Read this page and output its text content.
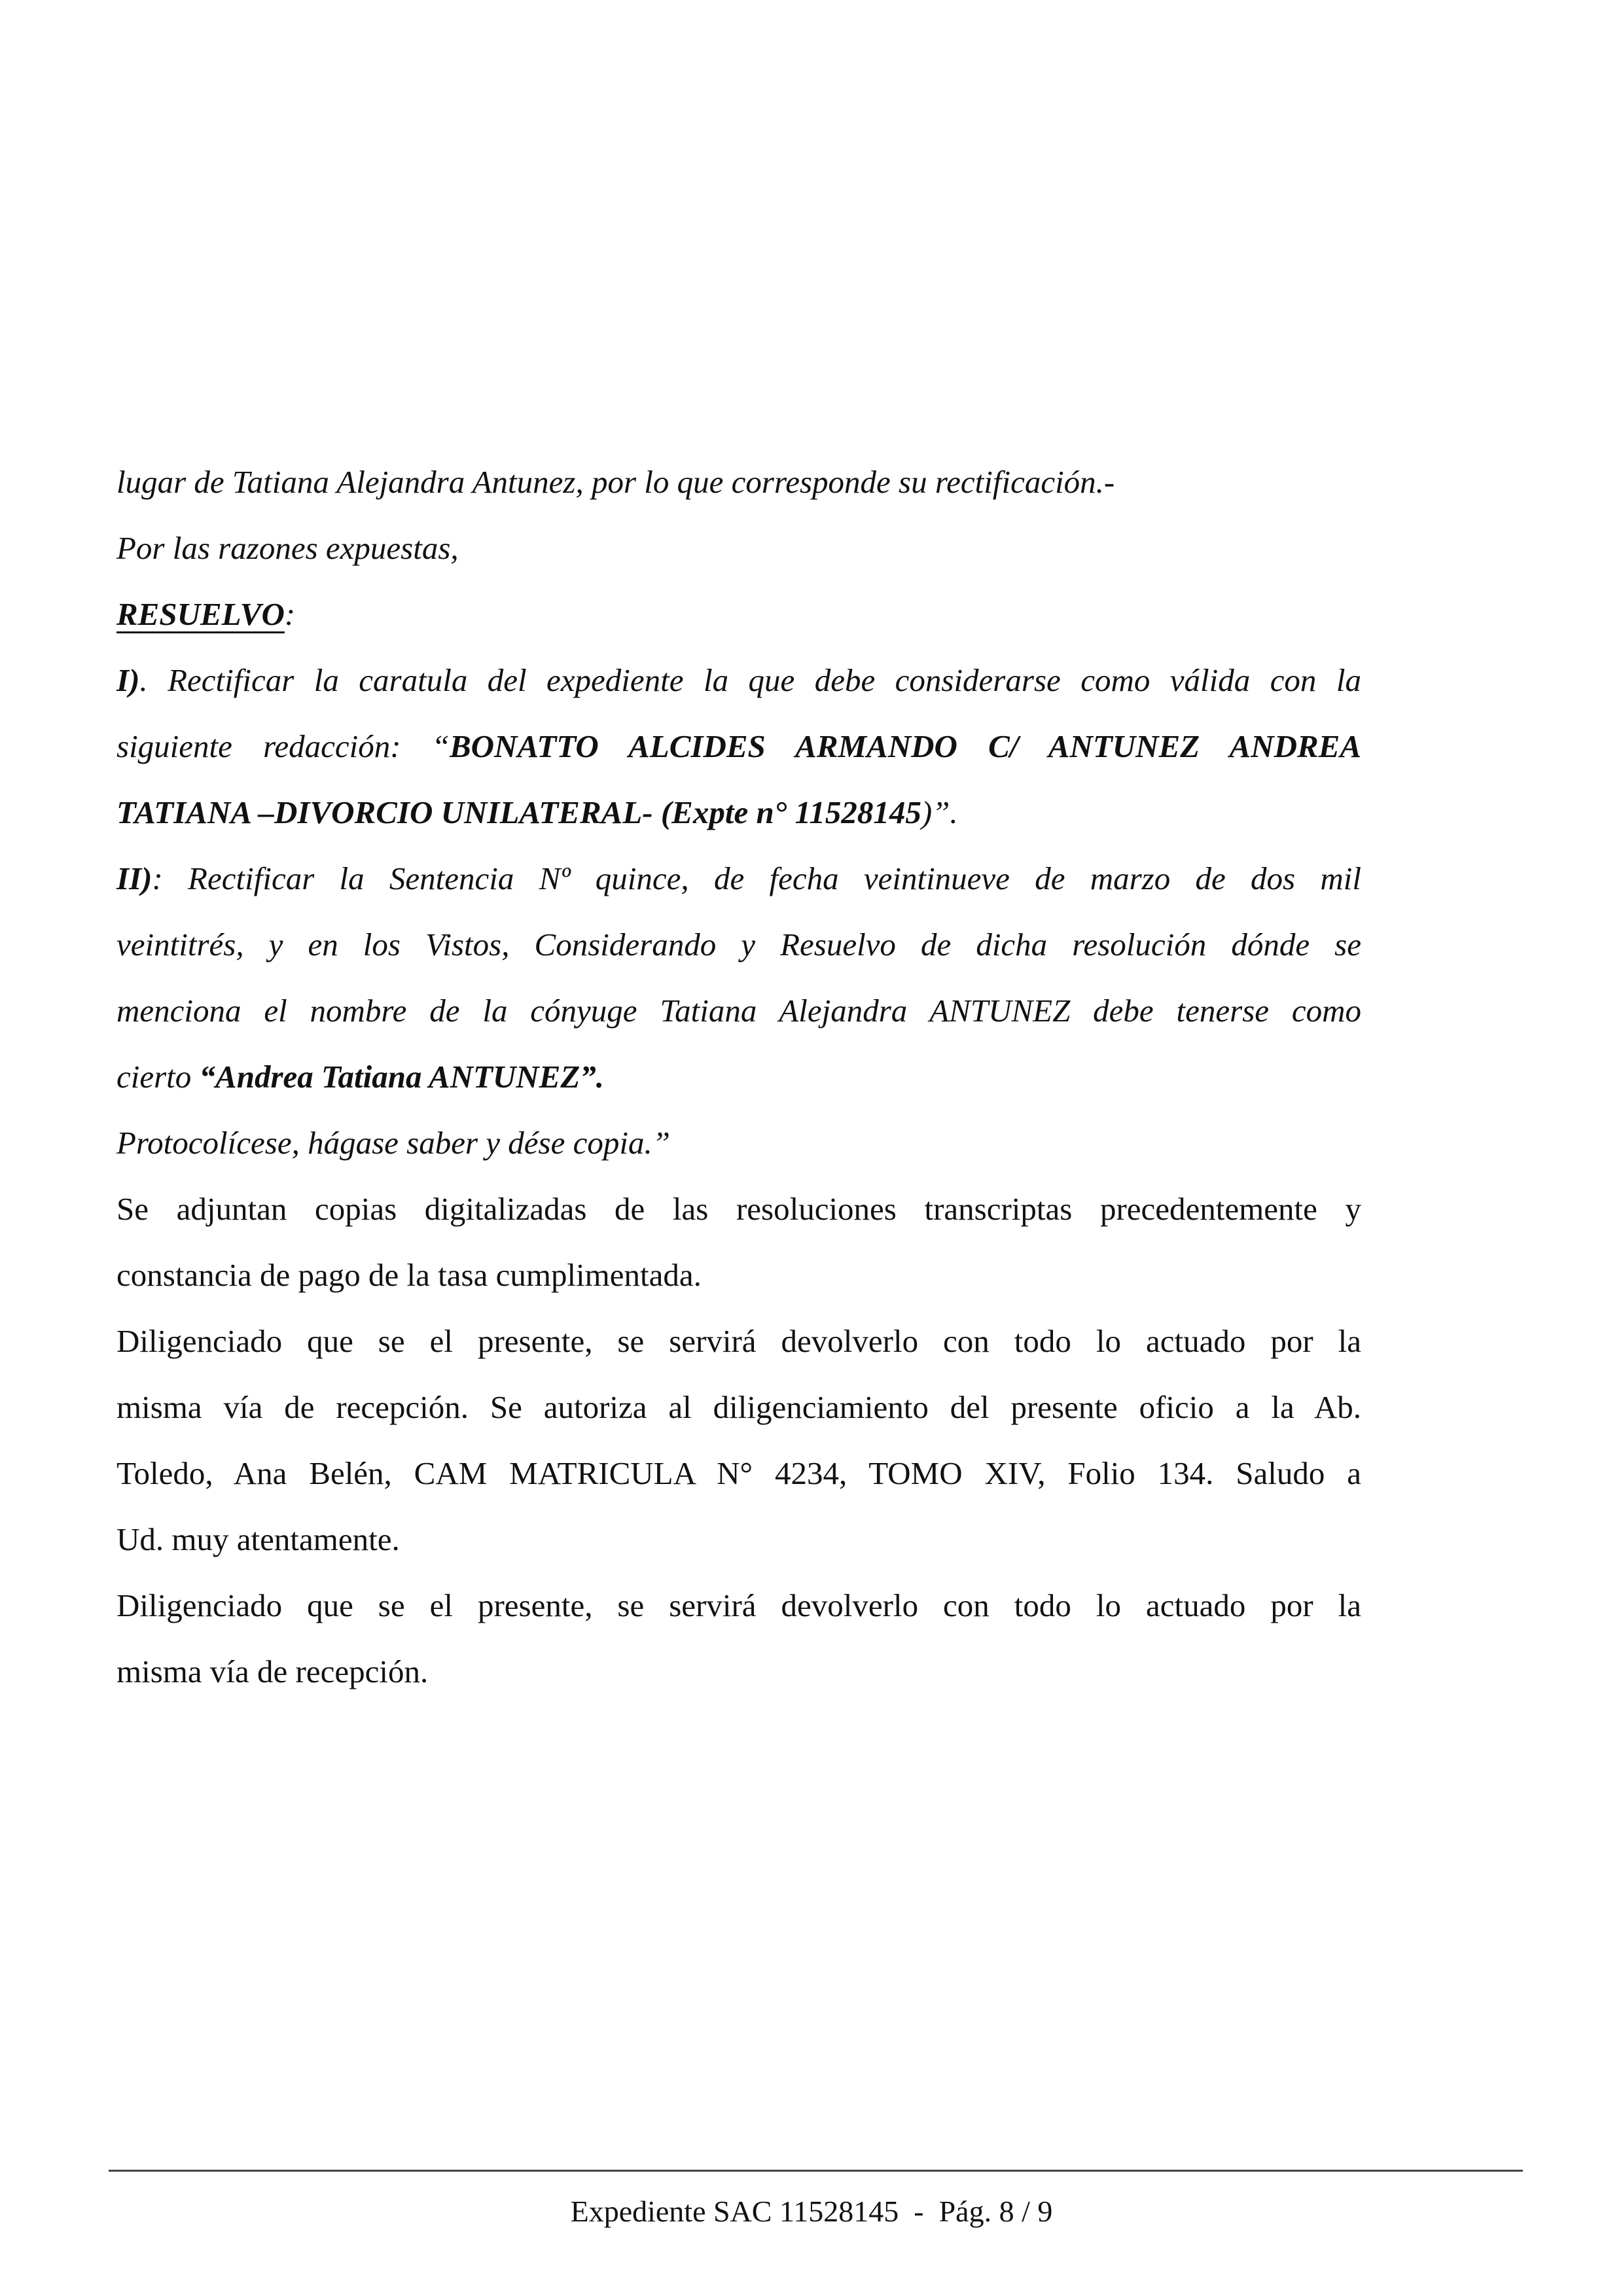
lugar de Tatiana Alejandra Antunez, por lo que corresponde su rectificación.-
Por las razones expuestas,
RESUELVO:
I). Rectificar la caratula del expediente la que debe considerarse como válida con la
siguiente redacción: “BONATTO ALCIDES ARMANDO C/ ANTUNEZ ANDREA
TATIANA –DIVORCIO UNILATERAL- (Expte n° 11528145)”.
II): Rectificar la Sentencia Nº quince, de fecha veintinueve de marzo de dos mil
veintitrés, y en los Vistos, Considerando y Resuelvo de dicha resolución dónde se
menciona el nombre de la cónyuge Tatiana Alejandra ANTUNEZ debe tenerse como
cierto “Andrea Tatiana ANTUNEZ”.
Protocolícese, hágase saber y dése copia.”
Se adjuntan copias digitalizadas de las resoluciones transcriptas precedentemente y
constancia de pago de la tasa cumplimentada.
Diligenciado que se el presente, se servirá devolverlo con todo lo actuado por la
misma vía de recepción. Se autoriza al diligenciamiento del presente oficio a la Ab.
Toledo, Ana Belén, CAM MATRICULA N° 4234, TOMO XIV, Folio 134. Saludo a
Ud. muy atentamente.
Diligenciado que se el presente, se servirá devolverlo con todo lo actuado por la
misma vía de recepción.
Expediente SAC 11528145  -  Pág. 8 / 9
